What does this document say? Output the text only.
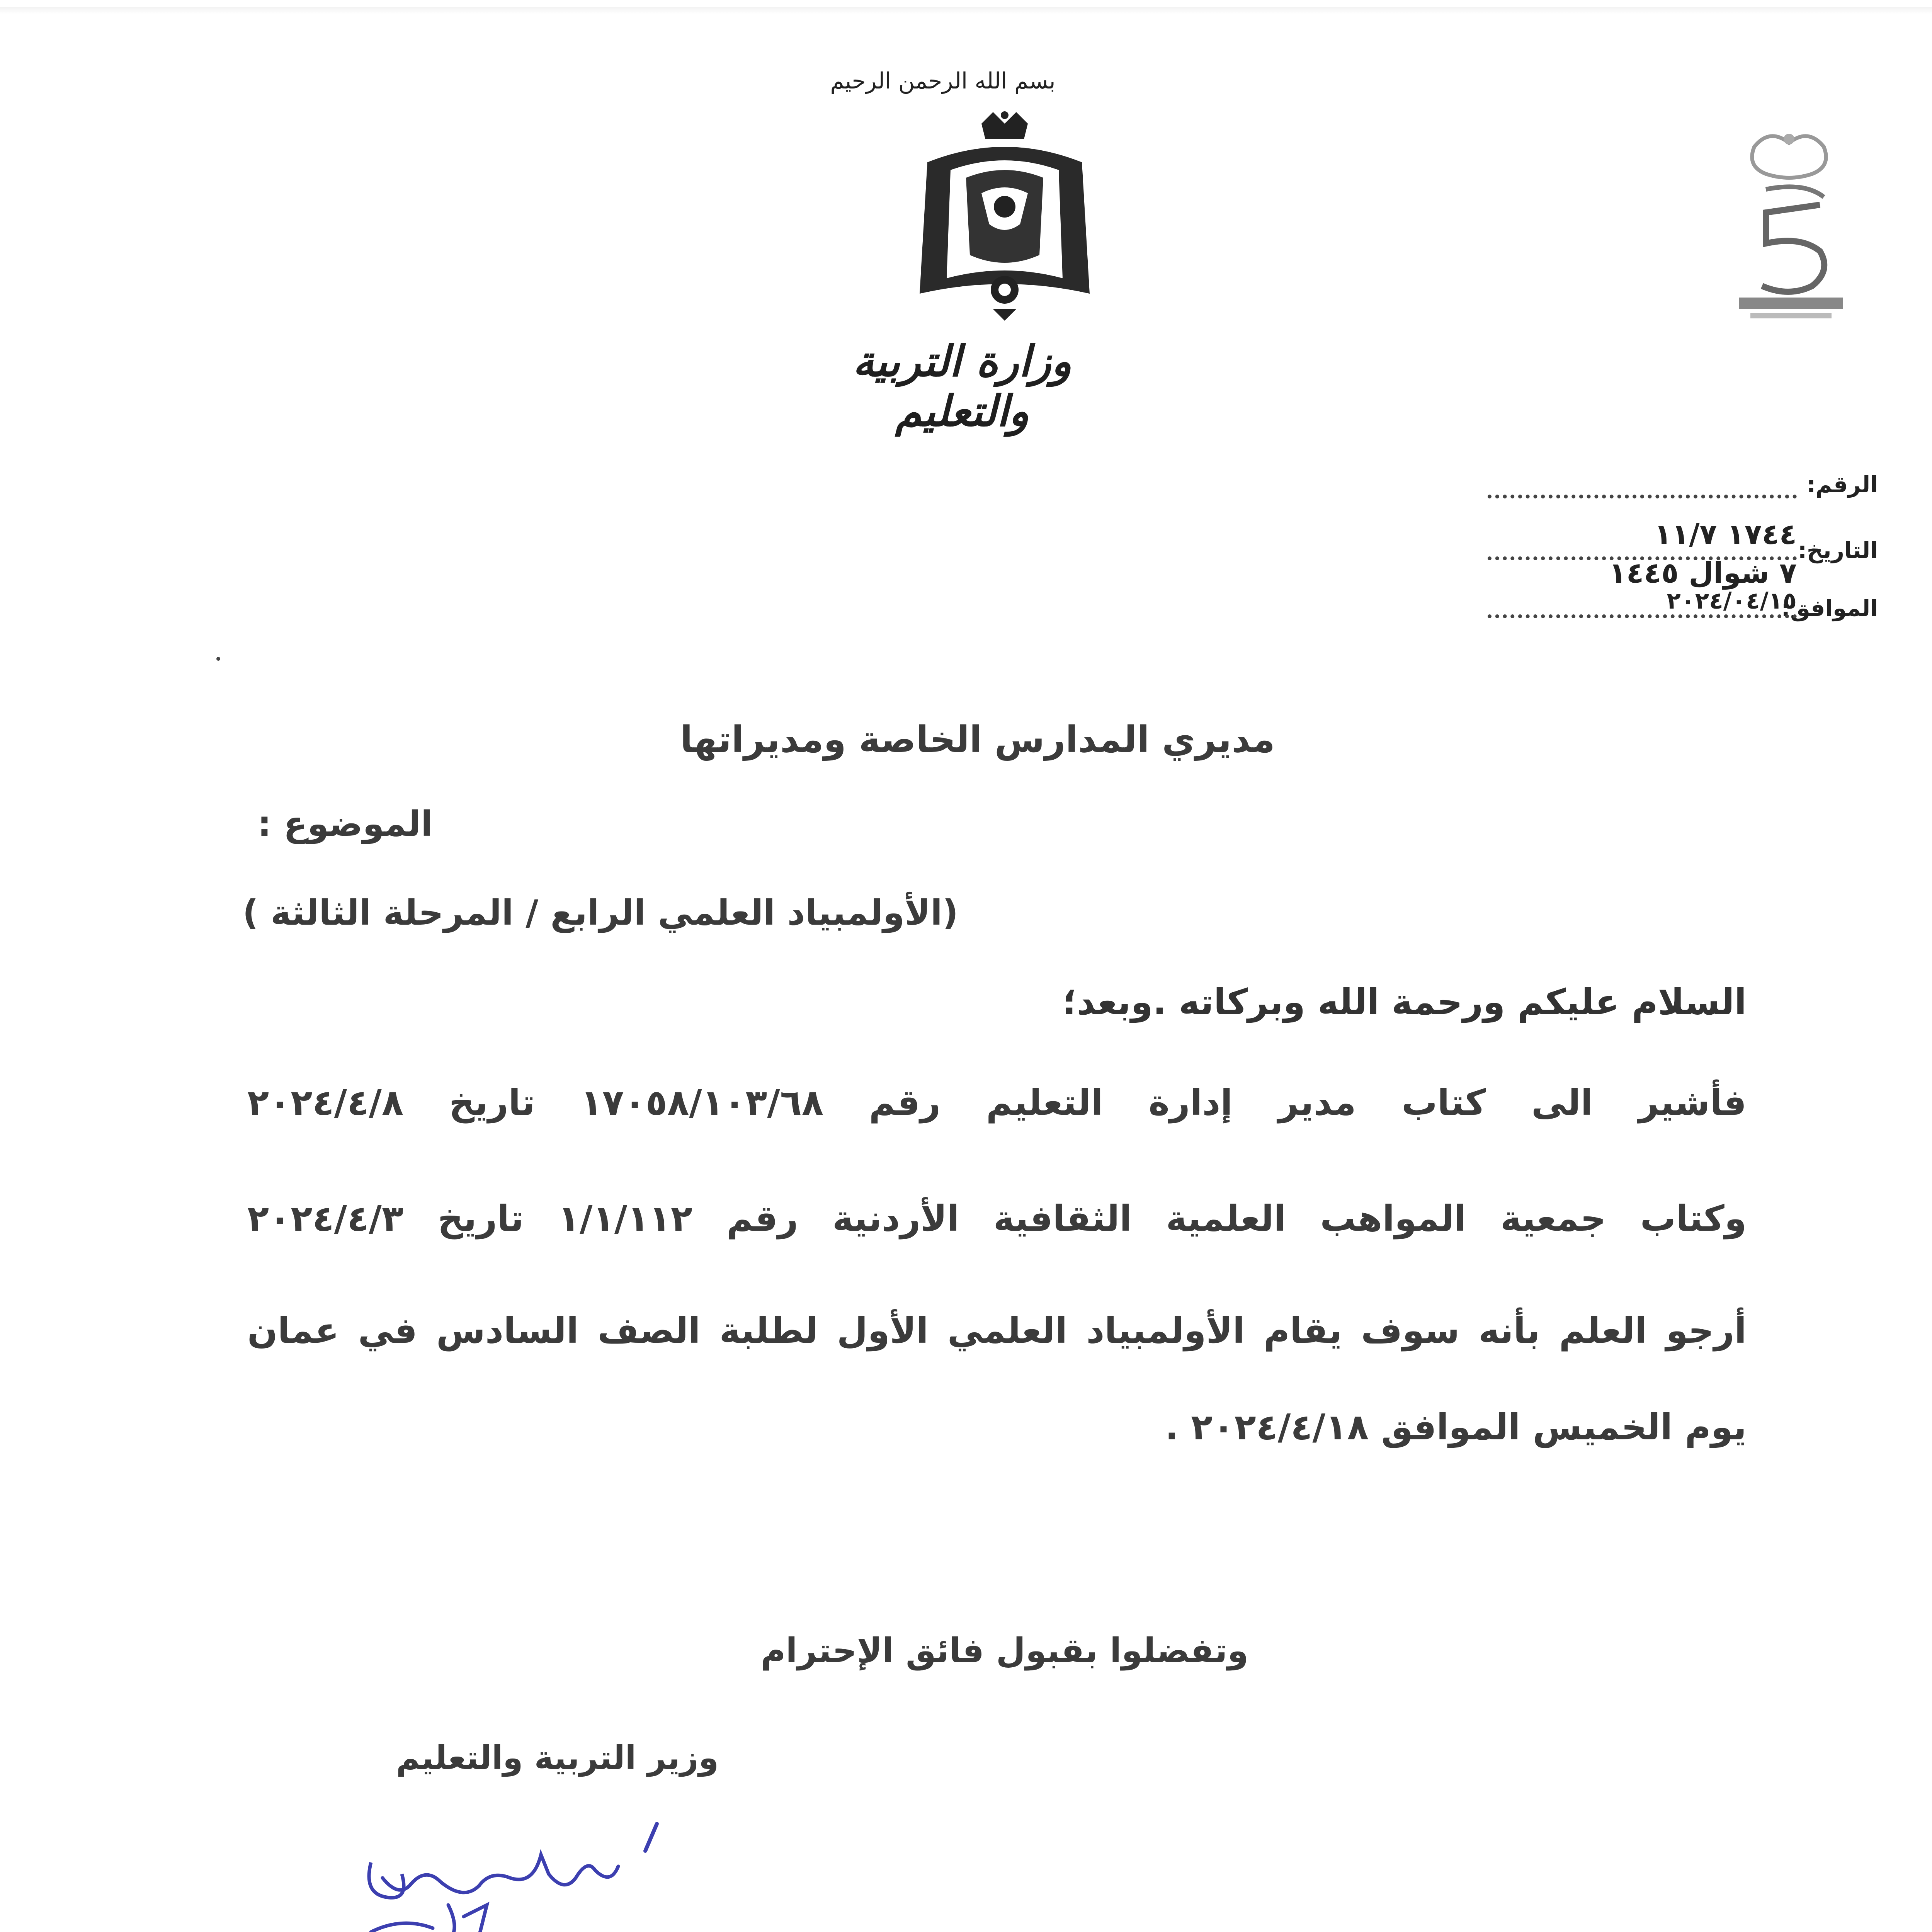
بسم الله الرحمن الرحيم
وزارة التربية والتعليم
الرقم:
التاريخ:
١٧٤٤ ١١/٧
٧ شوال ١٤٤٥
الموافق:
٢٠٢٤/٠٤/١٥
مديري المدارس الخاصة ومديراتها
الموضوع :
(الأولمبياد العلمي الرابع / المرحلة الثالثة )
السلام عليكم ورحمة الله وبركاته .وبعد؛
فأشير الى كتاب مدير إدارة التعليم رقم ١٧٠٥٨/١٠٣/٦٨ تاريخ ٢٠٢٤/٤/٨
وكتاب جمعية المواهب العلمية الثقافية الأردنية رقم ١/١/١١٢ تاريخ ٢٠٢٤/٤/٣
أرجو العلم بأنه سوف يقام الأولمبياد العلمي الأول لطلبة الصف السادس في عمان
يوم الخميس الموافق ٢٠٢٤/٤/١٨ .
وتفضلوا بقبول فائق الإحترام
وزير التربية والتعليم
